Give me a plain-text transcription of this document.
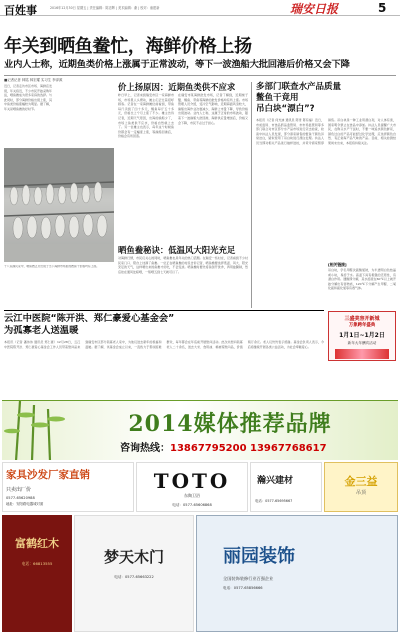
百姓事	2016年12月30日 星期五 | 责任编辑：陈忠辉 | 美术编辑：谢 | 校对：童建新	瑞安日报	5
年关到晒鱼鲞忙，海鲜价格上扬
业内人士称，近期鱼类价格上涨属于正常波动，等下一波渔船大批回港后价格又会下降
■记者记者 林铭 林宏耀 实习生 李泽源
近日，记者走访市区市场、海鲜店发现，年关将近，不少市民开始采购年货，晒鱼鲞成为很多家庭的选择。与此同时，部分海鲜价格出现上涨，其中鱼类价格涨幅较为明显。据了解，年关是晒鱼鲞的好时节。
十八家渔民家中，晒鱼鲞正火出现于当下海鲜市场里的鲞鱼干价格均有上涨。
价上扬原因：近期鱼类供不应求
昨日早上，记者来到瑞安市区一家海鲜市场，市场里人头攒动，摊主们正忙着招呼顾客。记者在一家海鲜摊位前看到，带鱼每斤卖到了四十多元，鲳鱼每斤五十多元，价格比上个月上涨了不少。摊主告诉记者，近期天气原因，出海的渔船少了，市场上鱼类供不应求，价格自然就上去了。另一位摊主也表示，每年这个时候鱼价都会有一定幅度上涨，等渔船回港后，价格会有所回落。
在瑞安市某海鲜批发市场，记者了解到，近期梭子蟹、鲳鱼、带鱼等海鲜的批发价格均有所上涨。市场管理人员介绍，受冷空气影响，近期海面风浪较大，渔船出海作业次数减少，海鲜上市量下降，导致价格出现波动。业内人士称，这属于正常的市场波动，随着下一波渔船大批回港，海鲜供应量增加后，价格又会下降，市民不必过于担心。
晒鱼鲞秘诀：低温风大阳光充足
对海鲜行情，市民们关心的同时，晒鱼鲞也是年关的热门话题。在瑞安一些村庄，记者看到不少村民家门口、阳台上挂满了鱼鲞。一位正在晒鱼鲞的村民告诉记者，晒鱼鲞要选择低温、风大、阳光充足的天气，这样晒出来的鱼鲞才好吃，不会变质。晒鱼鲞时要先将鱼剖开洗净，再用盐腌制，然后挂在通风处晾晒，一般晒五到七天就可以了。
多部门联查水产品质量
鳖鱼干竟用
吊白块“漂白”?
本报讯（记者 何光迪 通讯员 陈雪 陈有福）近日，市质监局、市食品药品监管局、市市场监管局等多部门联合对市区部分水产品市场进行突击检查，检查中执法人员发现，部分商家销售的鳖鱼干颜色异常洁白，疑似使用了吊白块进行漂白处理。执法人员当即对相关产品进行抽样送检，并责令商家暂停销售。吊白块是一种工业用漂白剂，对人体有害，国家明令禁止在食品中添加。执法人员提醒广大市民，在购买水产干货时，不要一味追求颜色鲜亮，颜色过白的产品可能经过化学处理，应选择颜色自然、有正常海产品气味的产品。目前，相关检测结果尚未出来，本报将持续关注。
[相关链接]
吊白块，学名甲醛次硫酸氢钠，为半透明白色结晶或小块，易溶于水。高温下具有极强的还原性，有漂白作用。遇酸即分解，其水溶液在60℃以上就开始分解出有害物质，120℃下分解产生甲醛、二氧化硫和硫化氢等有毒气体。
三盛美容开新城
万象跨年盛典
1月1日~1月2日
新年大年酬宾活动
云江中医院“陈开洪、郑仁豪爱心基金会”
为孤寡老人送温暖
本报讯（记者 潘伟伟 通讯员 郑仁豪）12月28日，云江中医院陈开洪、郑仁豪爱心基金会工作人员带着慰问品来到瑞安市区部分孤寡老人家中，为他们送去新年的祝福和温暖。据了解，该基金会成立以来，一直致力于帮扶困难群众，每年都会在年底前开展慰问活动。此次共慰问孤寡老人二十余名，送去大米、食用油、棉被等慰问品，价值两万余元。老人们纷纷表示感谢。基金会负责人表示，今后将继续开展各类公益活动，为社会奉献爱心。
2014媒体推荐品牌
咨询热线：13867795200 13967768617
家具沙发厂家直销
只卖出厂价
0577-65620988
地址：安阳路电器城对面
TOTO
东陶卫浴
电话：0577-65606868
瀚兴建材
电话：0577-65695667
金三益
吊顶
富鹤红木
电话：66813555	梦天木门
电话：0577-65663222
丽园装饰
全国装饰装修行业百强企业
电话：0577-65856666
